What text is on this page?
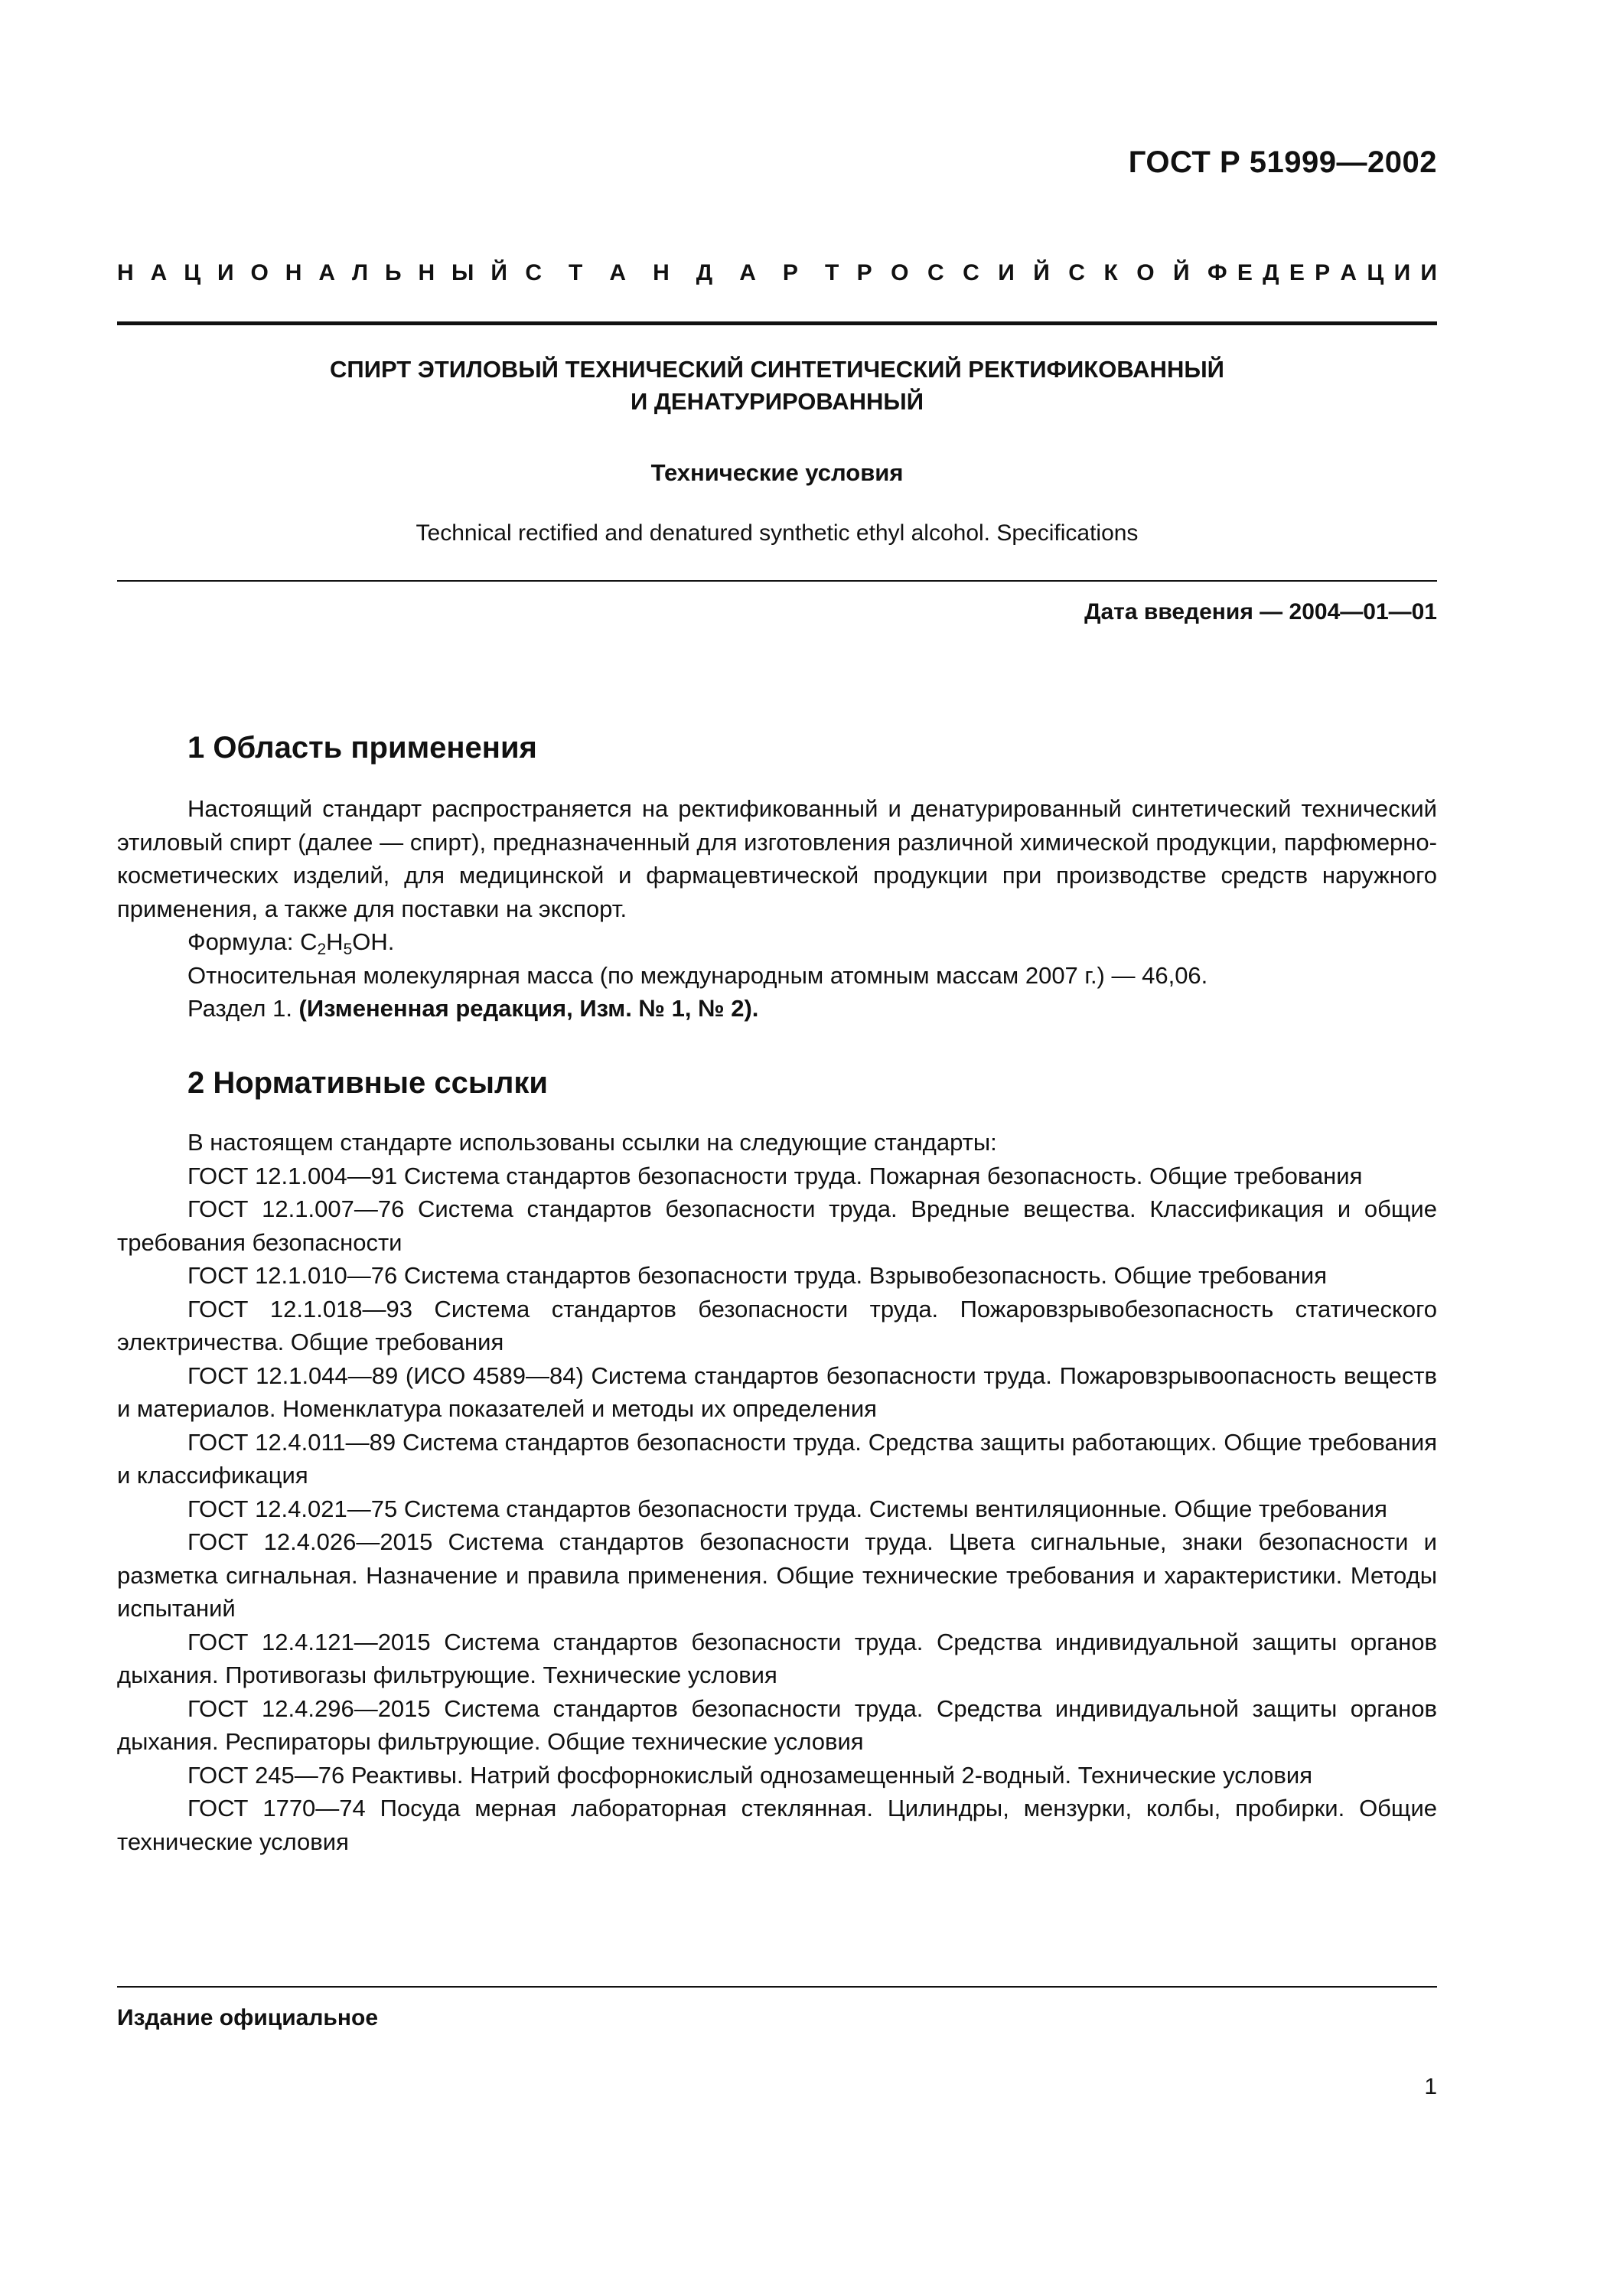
ГОСТ Р 51999—2002
Н А Ц И О Н А Л Ь Н Ы Й С Т А Н Д А Р Т Р О С С И Й С К О Й Ф Е Д Е Р А Ц И И
СПИРТ ЭТИЛОВЫЙ ТЕХНИЧЕСКИЙ СИНТЕТИЧЕСКИЙ РЕКТИФИКОВАННЫЙ
И ДЕНАТУРИРОВАННЫЙ
Технические условия
Technical rectified and denatured synthetic ethyl alcohol. Specifications
Дата введения — 2004—01—01
1 Область применения

Настоящий стандарт распространяется на ректификованный и денатурированный синтетический технический этиловый спирт (далее — спирт), предназначенный для изготовления различной химической продукции, парфюмерно-косметических изделий, для медицинской и фармацевтической продукции при производстве средств наружного применения, а также для поставки на экспорт.

Формула: $C_2H_5OH$.

Относительная молекулярная масса (по международным атомным массам 2007 г.) — 46,06.

Раздел 1. (Измененная редакция, Изм. № 1, № 2).

2 Нормативные ссылки

В настоящем стандарте использованы ссылки на следующие стандарты:

ГОСТ 12.1.004—91 Система стандартов безопасности труда. Пожарная безопасность. Общие требования

ГОСТ 12.1.007—76 Система стандартов безопасности труда. Вредные вещества. Классификация и общие требования безопасности

ГОСТ 12.1.010—76 Система стандартов безопасности труда. Взрывобезопасность. Общие требования

ГОСТ 12.1.018—93 Система стандартов безопасности труда. Пожаровзрывобезопасность статического электричества. Общие требования

ГОСТ 12.1.044—89 (ИСО 4589—84) Система стандартов безопасности труда. Пожаровзрывоопасность веществ и материалов. Номенклатура показателей и методы их определения

ГОСТ 12.4.011—89 Система стандартов безопасности труда. Средства защиты работающих. Общие требования и классификация

ГОСТ 12.4.021—75 Система стандартов безопасности труда. Системы вентиляционные. Общие требования

ГОСТ 12.4.026—2015 Система стандартов безопасности труда. Цвета сигнальные, знаки безопасности и разметка сигнальная. Назначение и правила применения. Общие технические требования и характеристики. Методы испытаний

ГОСТ 12.4.121—2015 Система стандартов безопасности труда. Средства индивидуальной защиты органов дыхания. Противогазы фильтрующие. Технические условия

ГОСТ 12.4.296—2015 Система стандартов безопасности труда. Средства индивидуальной защиты органов дыхания. Респираторы фильтрующие. Общие технические условия

ГОСТ 245—76 Реактивы. Натрий фосфорнокислый однозамещенный 2-водный. Технические условия

ГОСТ 1770—74 Посуда мерная лабораторная стеклянная. Цилиндры, мензурки, колбы, пробирки. Общие технические условия

Издание официальное
1
